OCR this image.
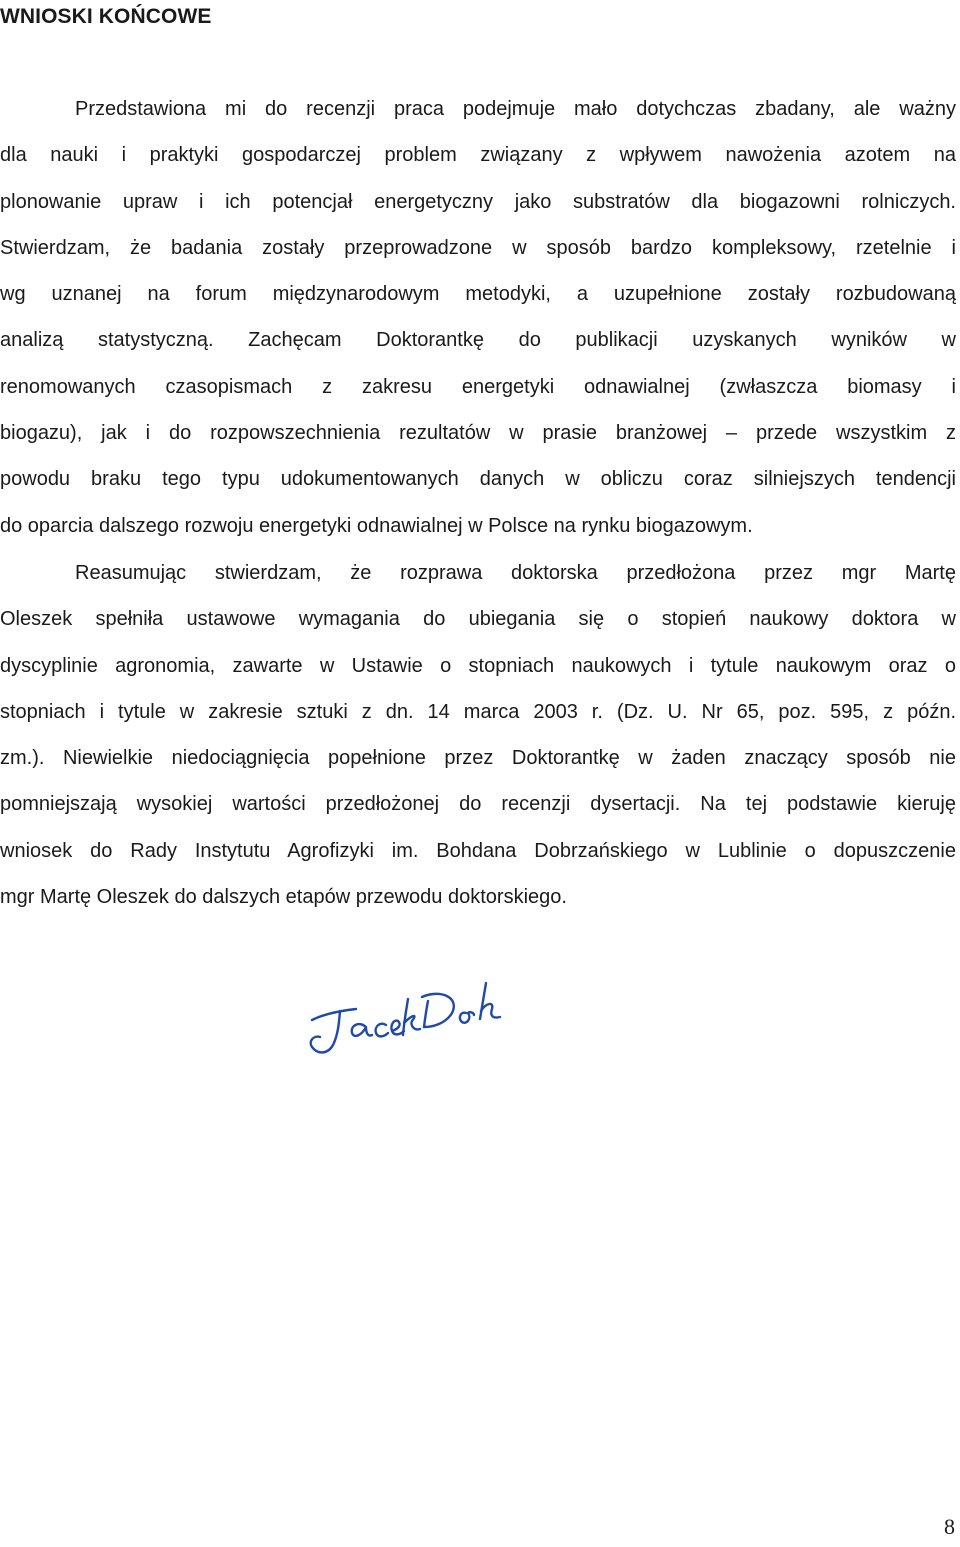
WNIOSKI KOŃCOWE
Przedstawiona mi do recenzji praca podejmuje mało dotychczas zbadany, ale ważny
dla nauki i praktyki gospodarczej problem związany z wpływem nawożenia azotem na
plonowanie upraw i ich potencjał energetyczny jako substratów dla biogazowni rolniczych.
Stwierdzam, że badania zostały przeprowadzone w sposób bardzo kompleksowy, rzetelnie i
wg uznanej na forum międzynarodowym metodyki, a uzupełnione zostały rozbudowaną
analizą statystyczną. Zachęcam Doktorantkę do publikacji uzyskanych wyników w
renomowanych czasopismach z zakresu energetyki odnawialnej (zwłaszcza biomasy i
biogazu), jak i do rozpowszechnienia rezultatów w prasie branżowej – przede wszystkim z
powodu braku tego typu udokumentowanych danych w obliczu coraz silniejszych tendencji
do oparcia dalszego rozwoju energetyki odnawialnej w Polsce na rynku biogazowym.
Reasumując stwierdzam, że rozprawa doktorska przedłożona przez mgr Martę
Oleszek spełniła ustawowe wymagania do ubiegania się o stopień naukowy doktora w
dyscyplinie agronomia, zawarte w Ustawie o stopniach naukowych i tytule naukowym oraz o
stopniach i tytule w zakresie sztuki z dn. 14 marca 2003 r. (Dz. U. Nr 65, poz. 595, z późn.
zm.). Niewielkie niedociągnięcia popełnione przez Doktorantkę w żaden znaczący sposób nie
pomniejszają wysokiej wartości przedłożonej do recenzji dysertacji. Na tej podstawie kieruję
wniosek do Rady Instytutu Agrofizyki im. Bohdana Dobrzańskiego w Lublinie o dopuszczenie
mgr Martę Oleszek do dalszych etapów przewodu doktorskiego.
8
